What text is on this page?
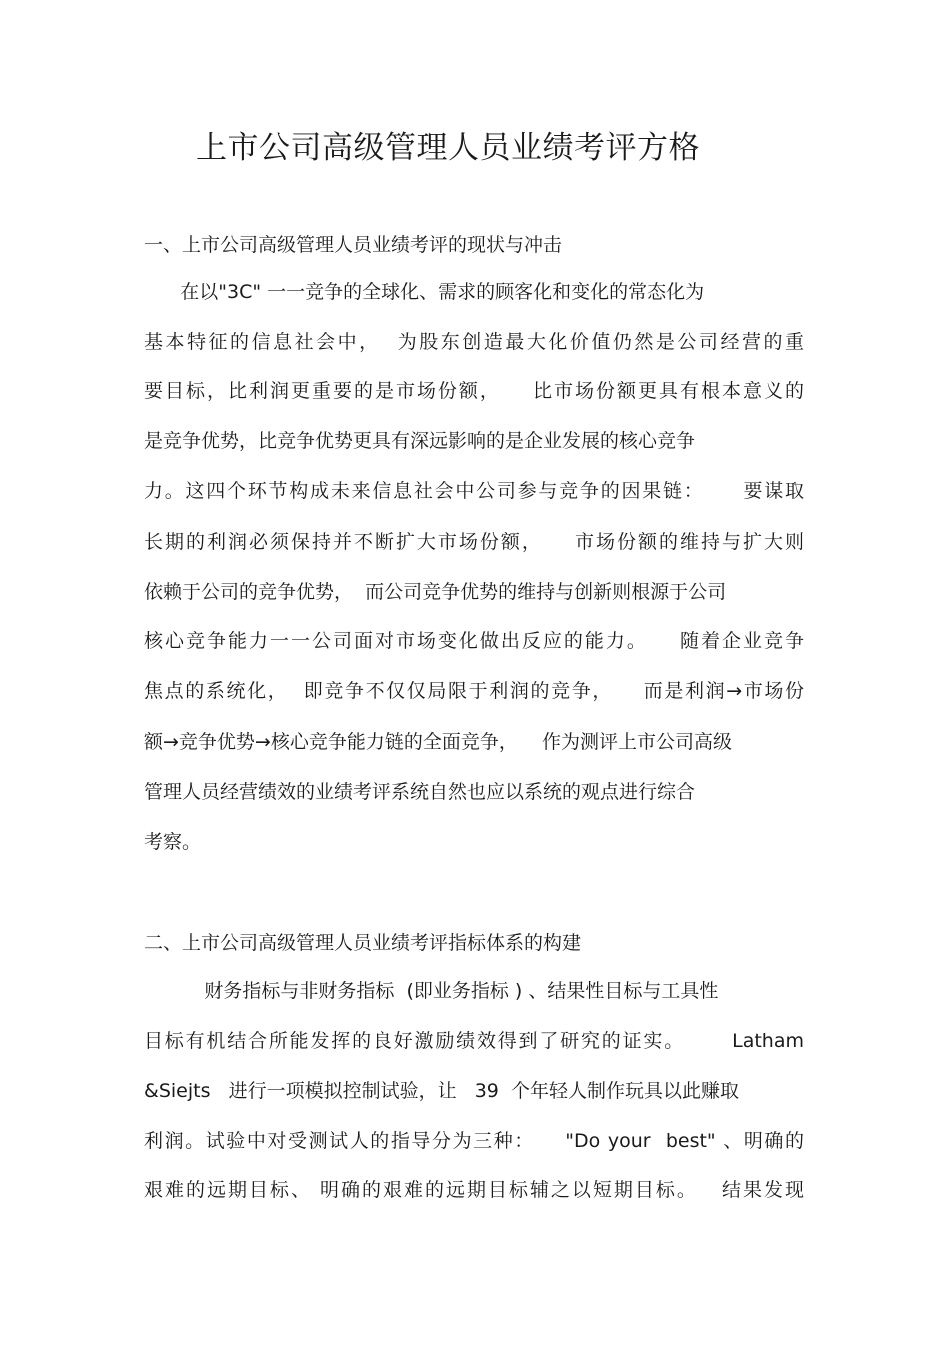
上市公司高级管理人员业绩考评方格
一、上市公司高级管理人员业绩考评的现状与冲击
在以"3C" 一一竞争的全球化、需求的顾客化和变化的常态化为
基本特征的信息社会中，  为股东创造最大化价值仍然是公司经营的重
要目标，比利润更重要的是市场份额，    比市场份额更具有根本意义的
是竞争优势，比竞争优势更具有深远影响的是企业发展的核心竞争
力。这四个环节构成未来信息社会中公司参与竞争的因果链：     要谋取
长期的利润必须保持并不断扩大市场份额，    市场份额的维持与扩大则
依赖于公司的竞争优势，  而公司竞争优势的维持与创新则根源于公司
核心竞争能力一一公司面对市场变化做出反应的能力。    随着企业竞争
焦点的系统化，  即竞争不仅仅局限于利润的竞争，    而是利润→市场份
额→竞争优势→核心竞争能力链的全面竞争，    作为测评上市公司高级
管理人员经营绩效的业绩考评系统自然也应以系统的观点进行综合
考察。
二、上市公司高级管理人员业绩考评指标体系的构建
财务指标与非财务指标  (即业务指标 ) 、结果性目标与工具性
目标有机结合所能发挥的良好激励绩效得到了研究的证实。      Latham
&Siejts   进行一项模拟控制试验，让   39  个年轻人制作玩具以此赚取
利润。试验中对受测试人的指导分为三种：    "Do your  best" 、明确的
艰难的远期目标、 明确的艰难的远期目标辅之以短期目标。   结果发现
